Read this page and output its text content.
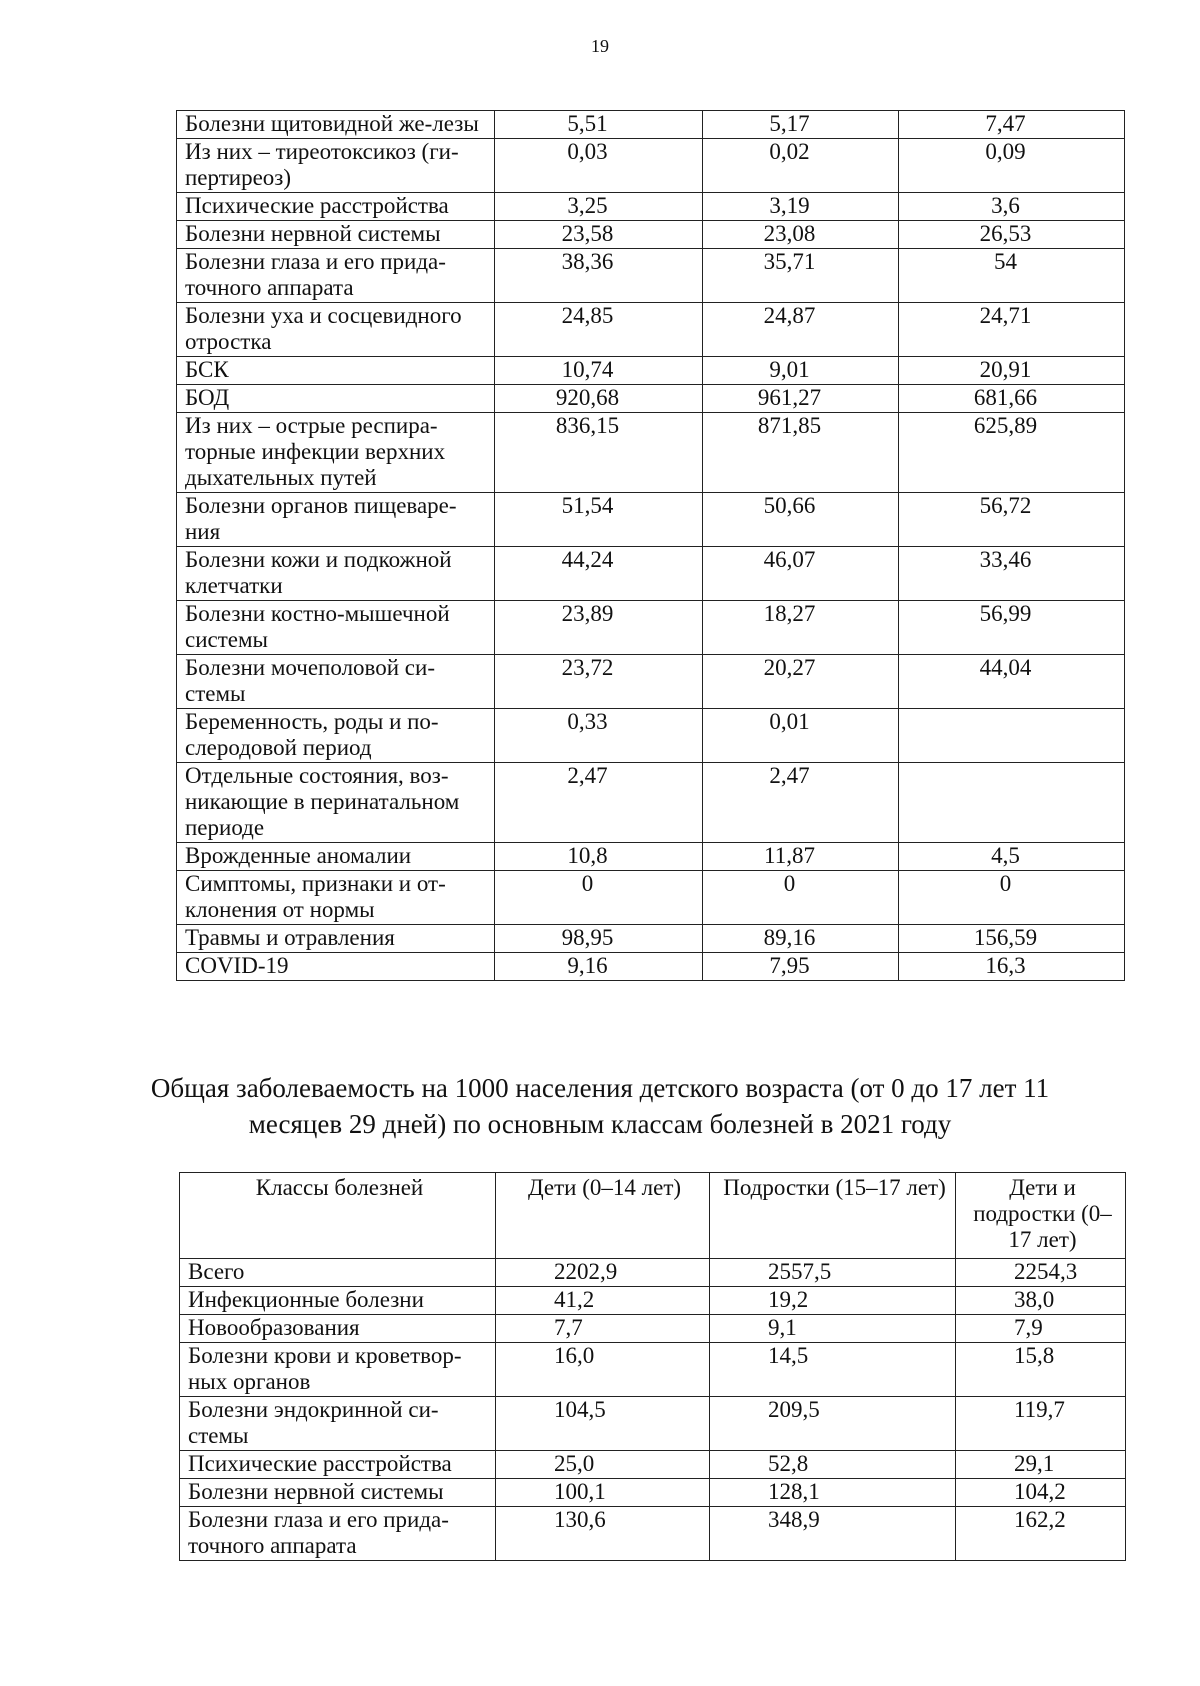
19
Болезни щитовидной же-лезы	5,51	5,17	7,47
Из них – тиреотоксикоз (ги-пертиреоз)	0,03	0,02	0,09
Психические расстройства	3,25	3,19	3,6
Болезни нервной системы	23,58	23,08	26,53
Болезни глаза и его прида-точного аппарата	38,36	35,71	54
Болезни уха и сосцевидного отростка	24,85	24,87	24,71
БСК	10,74	9,01	20,91
БОД	920,68	961,27	681,66
Из них – острые респира-торные инфекции верхних дыхательных путей	836,15	871,85	625,89
Болезни органов пищеваре-ния	51,54	50,66	56,72
Болезни кожи и подкожной клетчатки	44,24	46,07	33,46
Болезни костно-мышечной системы	23,89	18,27	56,99
Болезни мочеполовой си-стемы	23,72	20,27	44,04
Беременность, роды и по-слеродовой период	0,33	0,01	
Отдельные состояния, воз-никающие в перинатальном периоде	2,47	2,47	
Врожденные аномалии	10,8	11,87	4,5
Симптомы, признаки и от-клонения от нормы	0	0	0
Травмы и отравления	98,95	89,16	156,59
COVID-19	9,16	7,95	16,3
Общая заболеваемость на 1000 населения детского возраста (от 0 до 17 лет 11 месяцев 29 дней) по основным классам болезней в 2021 году
Классы болезней	Дети (0–14 лет)	Подростки (15–17 лет)	Дети и подростки (0–17 лет)
Всего	2202,9	2557,5	2254,3
Инфекционные болезни	41,2	19,2	38,0
Новообразования	7,7	9,1	7,9
Болезни крови и кроветвор-ных органов	16,0	14,5	15,8
Болезни эндокринной си-стемы	104,5	209,5	119,7
Психические расстройства	25,0	52,8	29,1
Болезни нервной системы	100,1	128,1	104,2
Болезни глаза и его прида-точного аппарата	130,6	348,9	162,2
